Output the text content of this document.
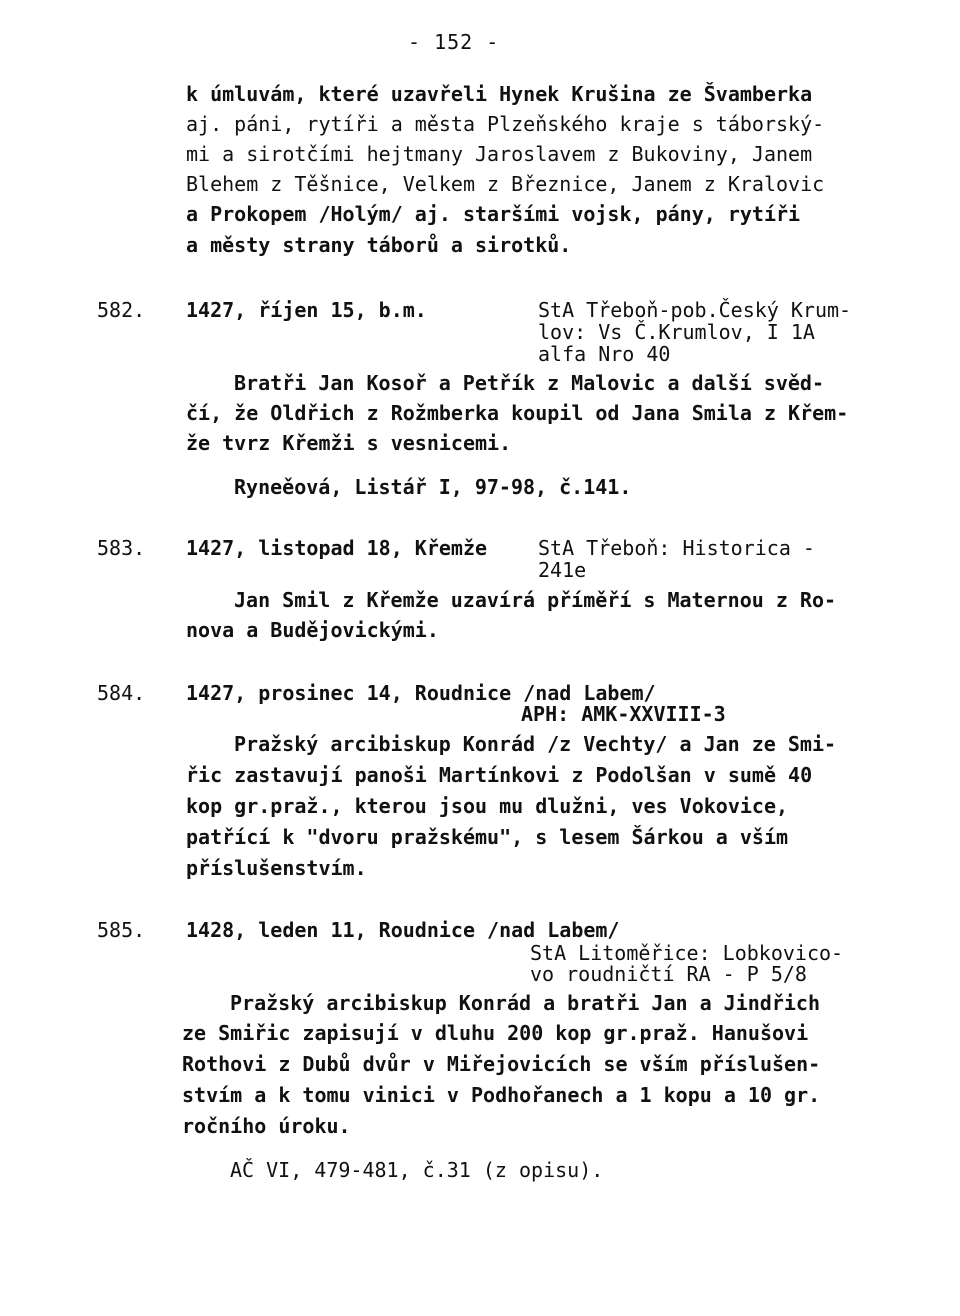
- 152 -
k úmluvám, které uzavřeli Hynek Krušina ze Švamberka
aj. páni, rytíři a města Plzeňského kraje s táborský-
mi a sirotčími hejtmany Jaroslavem z Bukoviny, Janem
Blehem z Těšnice, Velkem z Březnice, Janem z Kralovic
a Prokopem /Holým/ aj. staršími vojsk, pány, rytíři
a městy strany táborů a sirotků.
582. 1427, říjen 15, b.m.	StA Třeboň-pob.Český Krum-
lov: Vs Č.Krumlov, I 1A
alfa Nro 40
Bratři Jan Kosoř a Petřík z Malovic a další svěd-
čí, že Oldřich z Rožmberka koupil od Jana Smila z Křem-
že tvrz Křemži s vesnicemi.
Ryneěová, Listář I, 97-98, č.141.
583. 1427, listopad 18, Křemže	StA Třeboň: Historica -
241e
Jan Smil z Křemže uzavírá příměří s Maternou z Ro-
nova a Budějovickými.
584. 1427, prosinec 14, Roudnice /nad Labem/
APH: AMK-XXVIII-3
Pražský arcibiskup Konrád /z Vechty/ a Jan ze Smi-
řic zastavují panoši Martínkovi z Podolšan v sumě 40
kop gr.praž., kterou jsou mu dlužni, ves Vokovice,
patřící k "dvoru pražskému", s lesem Šárkou a vším
příslušenstvím.
585. 1428, leden 11, Roudnice /nad Labem/
StA Litoměřice: Lobkovico-
vo roudničtí RA - P 5/8
Pražský arcibiskup Konrád a bratři Jan a Jindřich
ze Smiřic zapisují v dluhu 200 kop gr.praž. Hanušovi
Rothovi z Dubů dvůr v Miřejovicích se vším příslušen-
stvím a k tomu vinici v Podhořanech a 1 kopu a 10 gr.
ročního úroku.
AČ VI, 479-481, č.31 (z opisu).
